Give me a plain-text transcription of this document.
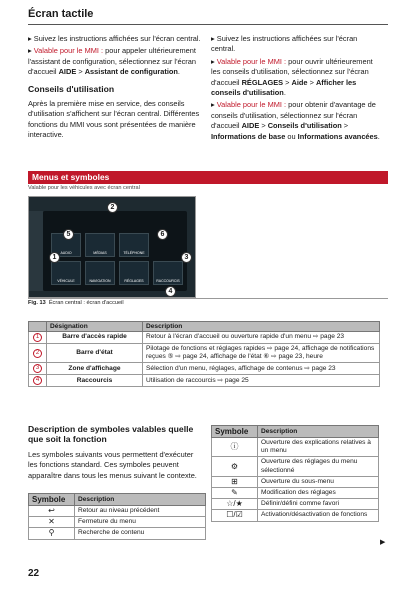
Écran tactile

▸ Suivez les instructions affichées sur l'écran central.

▸ Valable pour le MMI : pour appeler ultérieurement l'assistant de configuration, sélectionnez sur l'écran d'accueil AIDE > Assistant de configuration.

Conseils d'utilisation

Après la première mise en service, des conseils d'utilisation s'affichent sur l'écran central. Différentes fonctions du MMI vous sont présentées de manière interactive.

▸ Suivez les instructions affichées sur l'écran central.

▸ Valable pour le MMI : pour ouvrir ultérieurement les conseils d'utilisation, sélectionnez sur l'écran d'accueil RÉGLAGES > Aide > Afficher les conseils d'utilisation.

▸ Valable pour le MMI : pour obtenir d'avantage de conseils d'utilisation, sélectionnez sur l'écran d'accueil AIDE > Conseils d'utilisation > Informations de base ou Informations avancées.

Menus et symboles
Valable pour les véhicules avec écran central
AUDIO	MÉDIAS	TÉLÉPHONE
VÉHICULE	NAVIGATION	RÉGLAGES	RACCOURCIS
1
2
3
4
5	6
Fig. 13 Écran central : écran d'accueil
	Désignation	Description
1	Barre d'accès rapide	Retour à l'écran d'accueil ou ouverture rapide d'un menu ⇨ page 23
2	Barre d'état	Pilotage de fonctions et réglages rapides ⇨ page 24, affichage de notifications reçues ⑤ ⇨ page 24, affichage de l'état ⑥ ⇨ page 23, heure
3	Zone d'affichage	Sélection d'un menu, réglages, affichage de contenus ⇨ page 23
4	Raccourcis	Utilisation de raccourcis ⇨ page 25
Description de symboles valables quelle que soit la fonction

Les symboles suivants vous permettent d'exécuter les fonctions standard. Ces symboles peuvent apparaître dans tous les menus suivant le contexte.

Symbole	Description
↩	Retour au niveau précédent
✕	Fermeture du menu
⚲	Recherche de contenu
Symbole	Description
ⓘ	Ouverture des explications relatives à un menu
⚙	Ouverture des réglages du menu sélectionné
⊞	Ouverture du sous-menu
✎	Modification des réglages
☆/★	Définir/défini comme favori
☐/☑	Activation/désactivation de fonctions
▶
22
